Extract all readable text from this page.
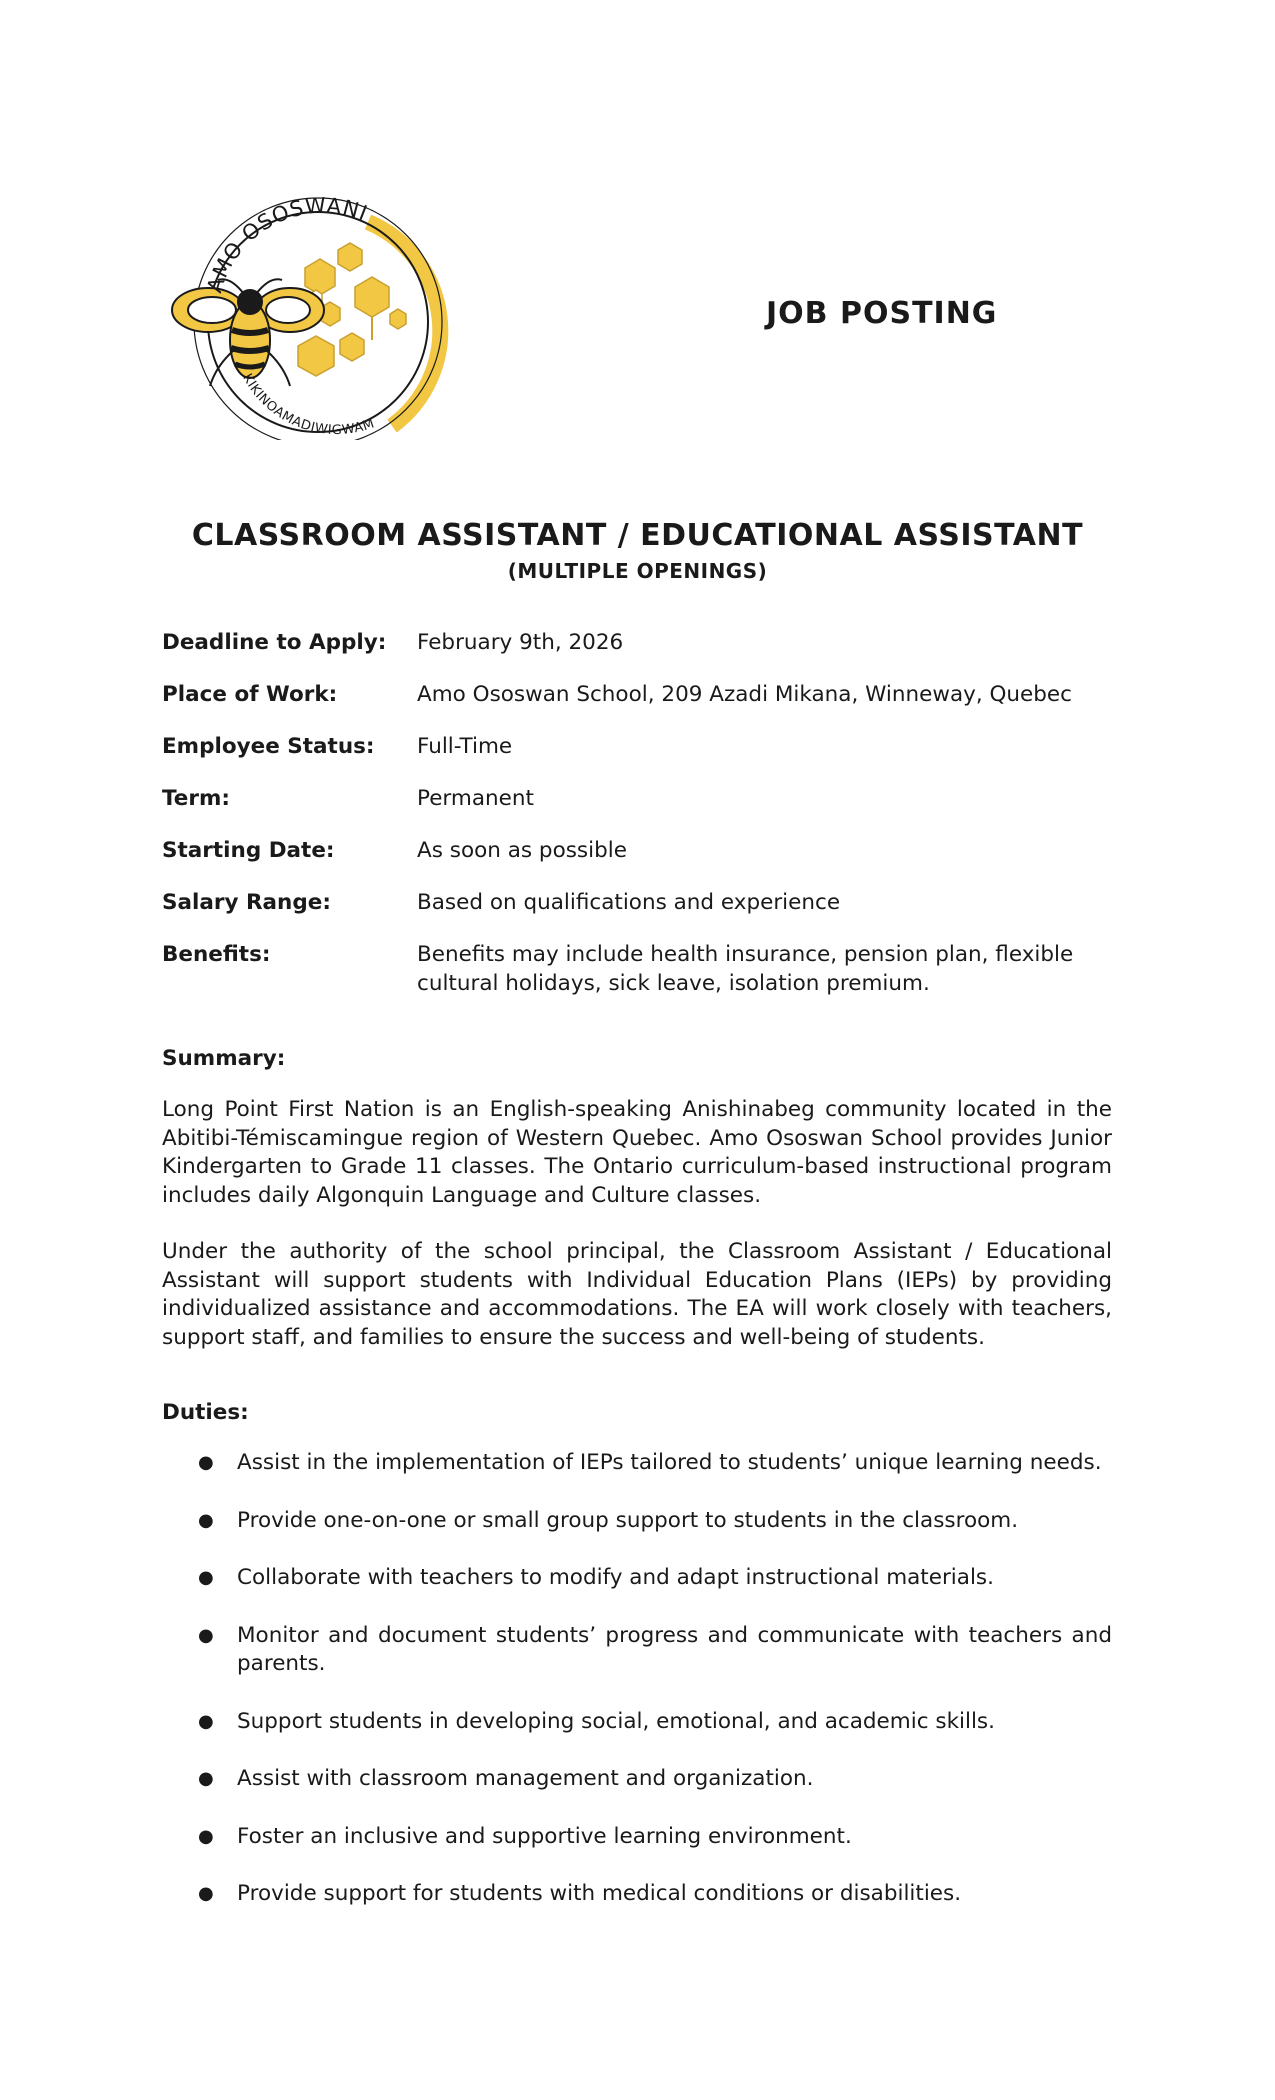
AMO OSOSWANI
KIKINOAMADIWIGWAM
JOB POSTING
CLASSROOM ASSISTANT / EDUCATIONAL ASSISTANT

(MULTIPLE OPENINGS)

Deadline to Apply:	February 9th, 2026
Place of Work:	Amo Ososwan School, 209 Azadi Mikana, Winneway, Quebec
Employee Status:	Full-Time
Term:	Permanent
Starting Date:	As soon as possible
Salary Range:	Based on qualifications and experience
Benefits:	Benefits may include health insurance, pension plan, flexible cultural holidays, sick leave, isolation premium.
Summary:

Long Point First Nation is an English-speaking Anishinabeg community located in the Abitibi-Témiscamingue region of Western Quebec. Amo Ososwan School provides Junior Kindergarten to Grade 11 classes. The Ontario curriculum-based instructional program includes daily Algonquin Language and Culture classes.

Under the authority of the school principal, the Classroom Assistant / Educational Assistant will support students with Individual Education Plans (IEPs) by providing individualized assistance and accommodations. The EA will work closely with teachers, support staff, and families to ensure the success and well-being of students.

Duties:
● Assist in the implementation of IEPs tailored to students’ unique learning needs.
● Provide one-on-one or small group support to students in the classroom.
● Collaborate with teachers to modify and adapt instructional materials.
● Monitor and document students’ progress and communicate with teachers and parents.
● Support students in developing social, emotional, and academic skills.
● Assist with classroom management and organization.
● Foster an inclusive and supportive learning environment.
● Provide support for students with medical conditions or disabilities.
